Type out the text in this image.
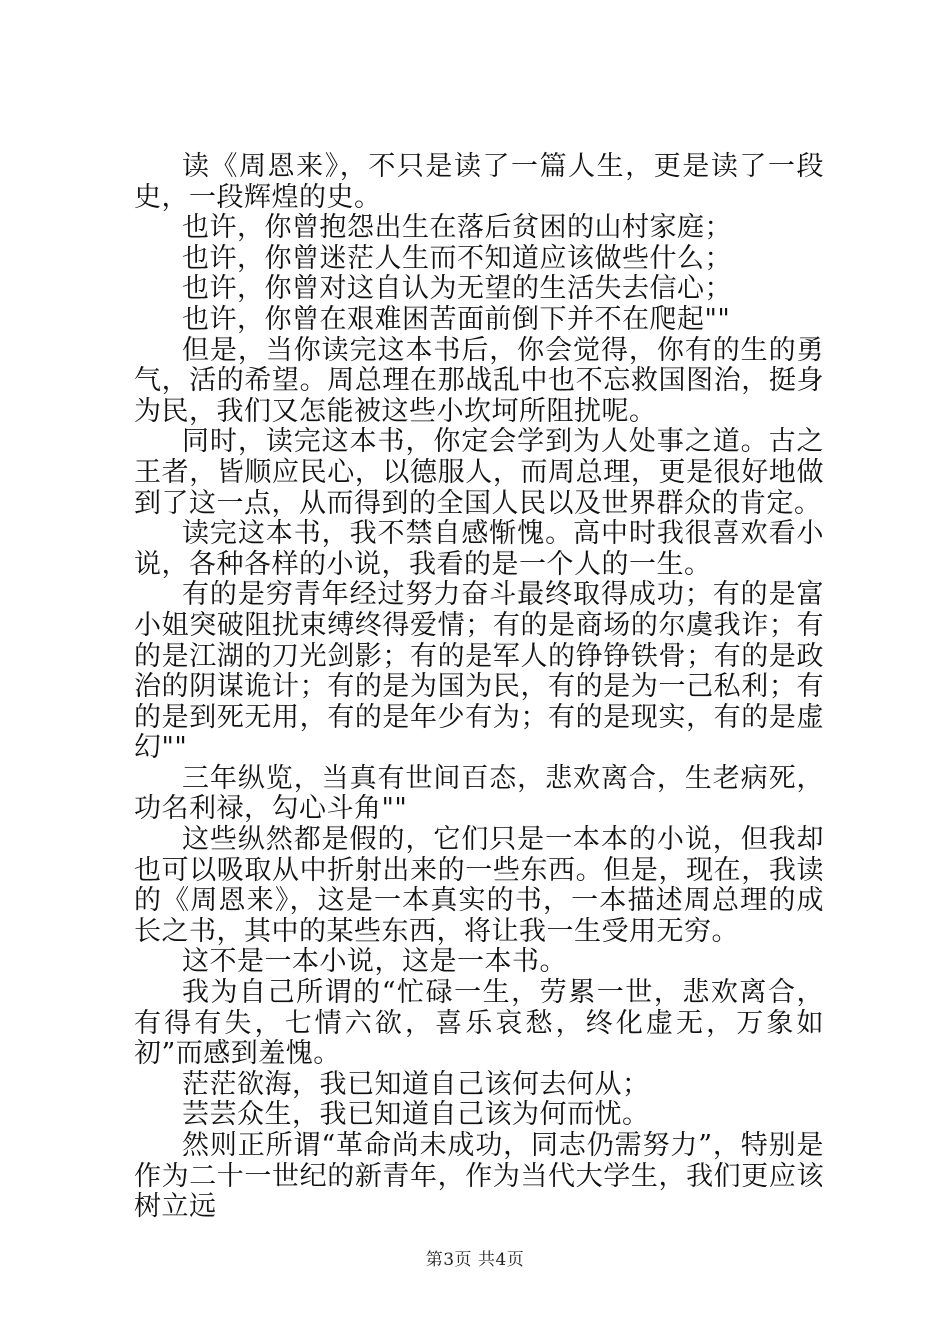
读《周恩来》，不只是读了一篇人生，更是读了一段史，一段辉煌的史。

也许，你曾抱怨出生在落后贫困的山村家庭；

也许，你曾迷茫人生而不知道应该做些什么；

也许，你曾对这自认为无望的生活失去信心；

也许，你曾在艰难困苦面前倒下并不在爬起""

但是，当你读完这本书后，你会觉得，你有的生的勇气，活的希望。周总理在那战乱中也不忘救国图治，挺身为民，我们又怎能被这些小坎坷所阻扰呢。

同时，读完这本书，你定会学到为人处事之道。古之王者，皆顺应民心，以德服人，而周总理，更是很好地做到了这一点，从而得到的全国人民以及世界群众的肯定。

读完这本书，我不禁自感惭愧。高中时我很喜欢看小说，各种各样的小说，我看的是一个人的一生。

有的是穷青年经过努力奋斗最终取得成功；有的是富小姐突破阻扰束缚终得爱情；有的是商场的尔虞我诈；有的是江湖的刀光剑影；有的是军人的铮铮铁骨；有的是政治的阴谋诡计；有的是为国为民，有的是为一己私利；有的是到死无用，有的是年少有为；有的是现实，有的是虚幻""

三年纵览，当真有世间百态，悲欢离合，生老病死，功名利禄，勾心斗角""

这些纵然都是假的，它们只是一本本的小说，但我却也可以吸取从中折射出来的一些东西。但是，现在，我读的《周恩来》，这是一本真实的书，一本描述周总理的成长之书，其中的某些东西，将让我一生受用无穷。

这不是一本小说，这是一本书。

我为自己所谓的“忙碌一生，劳累一世，悲欢离合，有得有失，七情六欲，喜乐哀愁，终化虚无，万象如初”而感到羞愧。

茫茫欲海，我已知道自己该何去何从；

芸芸众生，我已知道自己该为何而忧。

然则正所谓“革命尚未成功，同志仍需努力”，特别是作为二十一世纪的新青年，作为当代大学生，我们更应该树立远

第3页 共4页
